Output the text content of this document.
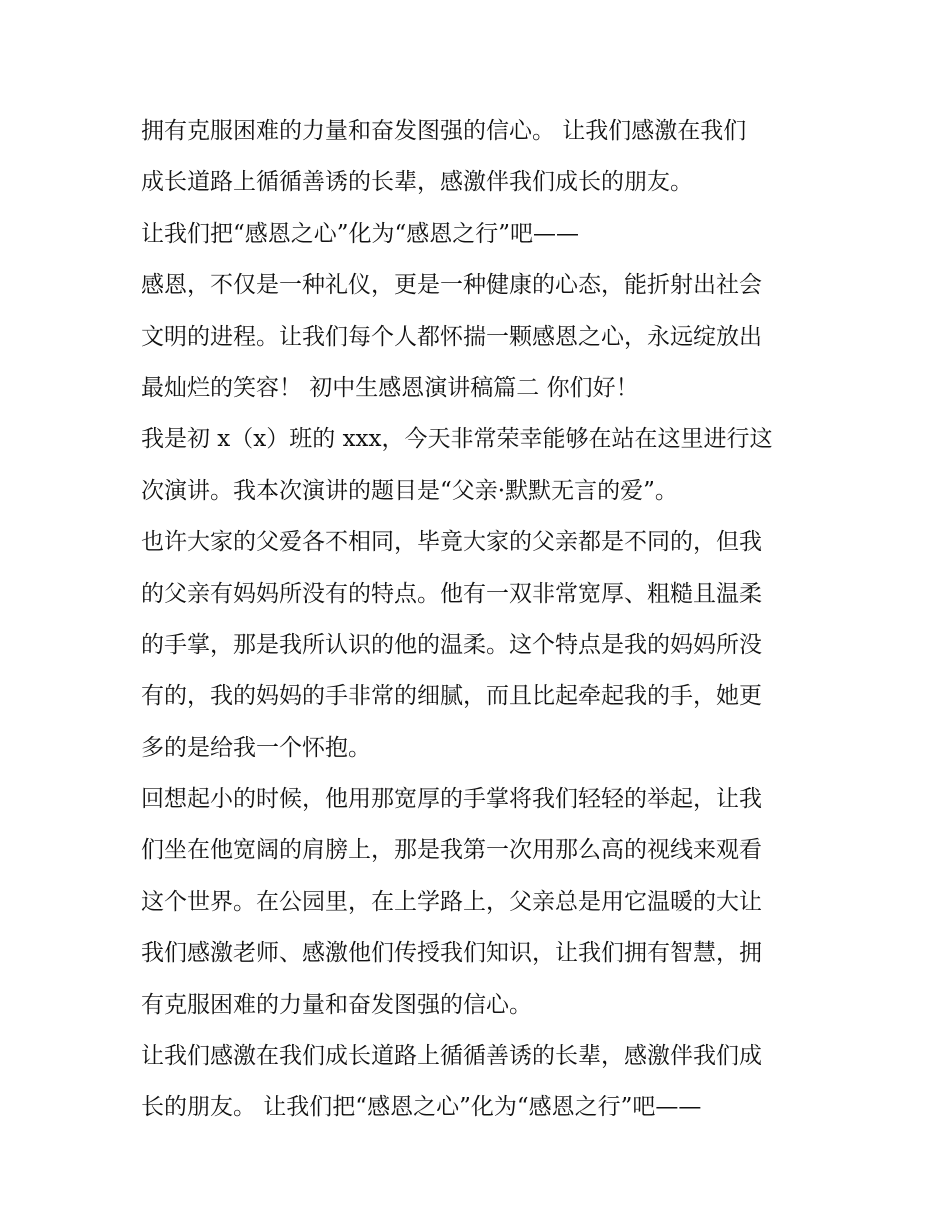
拥有克服困难的力量和奋发图强的信心。 让我们感激在我们
成长道路上循循善诱的长辈，感激伴我们成长的朋友。
让我们把“感恩之心”化为“感恩之行”吧——
感恩，不仅是一种礼仪，更是一种健康的心态，能折射出社会
文明的进程。让我们每个人都怀揣一颗感恩之心，永远绽放出
最灿烂的笑容！ 初中生感恩演讲稿篇二 你们好！
我是初 x（x）班的 xxx，今天非常荣幸能够在站在这里进行这
次演讲。我本次演讲的题目是“父亲·默默无言的爱”。
也许大家的父爱各不相同，毕竟大家的父亲都是不同的，但我
的父亲有妈妈所没有的特点。他有一双非常宽厚、粗糙且温柔
的手掌，那是我所认识的他的温柔。这个特点是我的妈妈所没
有的，我的妈妈的手非常的细腻，而且比起牵起我的手，她更
多的是给我一个怀抱。
回想起小的时候，他用那宽厚的手掌将我们轻轻的举起，让我
们坐在他宽阔的肩膀上，那是我第一次用那么高的视线来观看
这个世界。在公园里，在上学路上，父亲总是用它温暖的大让
我们感激老师、感激他们传授我们知识，让我们拥有智慧，拥
有克服困难的力量和奋发图强的信心。
让我们感激在我们成长道路上循循善诱的长辈，感激伴我们成
长的朋友。 让我们把“感恩之心”化为“感恩之行”吧——
